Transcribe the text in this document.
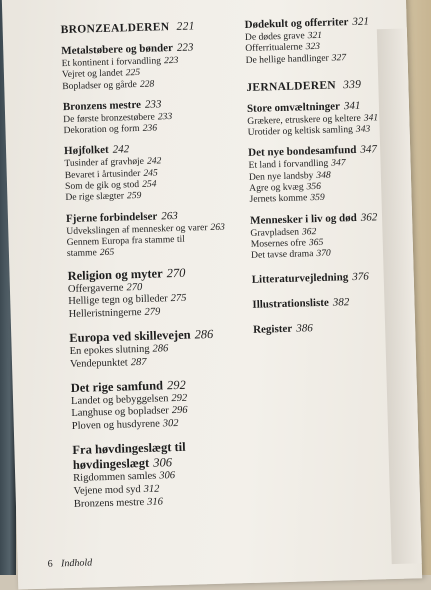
BRONZEALDEREN 221
Metalstøbere og bønder 223
Et kontinent i forvandling 223
Vejret og landet 225
Bopladser og gårde 228
Bronzens mestre 233
De første bronzestøbere 233
Dekoration og form 236
Højfolket 242
Tusinder af gravhøje 242
Bevaret i årtusinder 245
Som de gik og stod 254
De rige slægter 259
Fjerne forbindelser 263
Udvekslingen af mennesker og varer 263
Gennem Europa fra stamme til
stamme 265
Religion og myter 270
Offergaverne 270
Hellige tegn og billeder 275
Helleristningerne 279
Europa ved skillevejen 286
En epokes slutning 286
Vendepunktet 287
Det rige samfund 292
Landet og bebyggelsen 292
Langhuse og bopladser 296
Ploven og husdyrene 302
Fra høvdingeslægt til
høvdingeslægt 306
Rigdommen samles 306
Vejene mod syd 312
Bronzens mestre 316
Dødekult og offerriter 321
De dødes grave 321
Offerritualerne 323
De hellige handlinger 327
JERNALDEREN 339
Store omvæltninger 341
Grækere, etruskere og kelterе 341
Urotider og keltisk samling 343
Det nye bondesamfund 347
Et land i forvandling 347
Den nye landsby 348
Agre og kvæg 356
Jernets komme 359
Mennesker i liv og død 362
Gravpladsen 362
Mosernes ofre 365
Det tavse drama 370
Litteraturvejledning 376
Illustrationsliste 382
Register 386
6 Indhold
